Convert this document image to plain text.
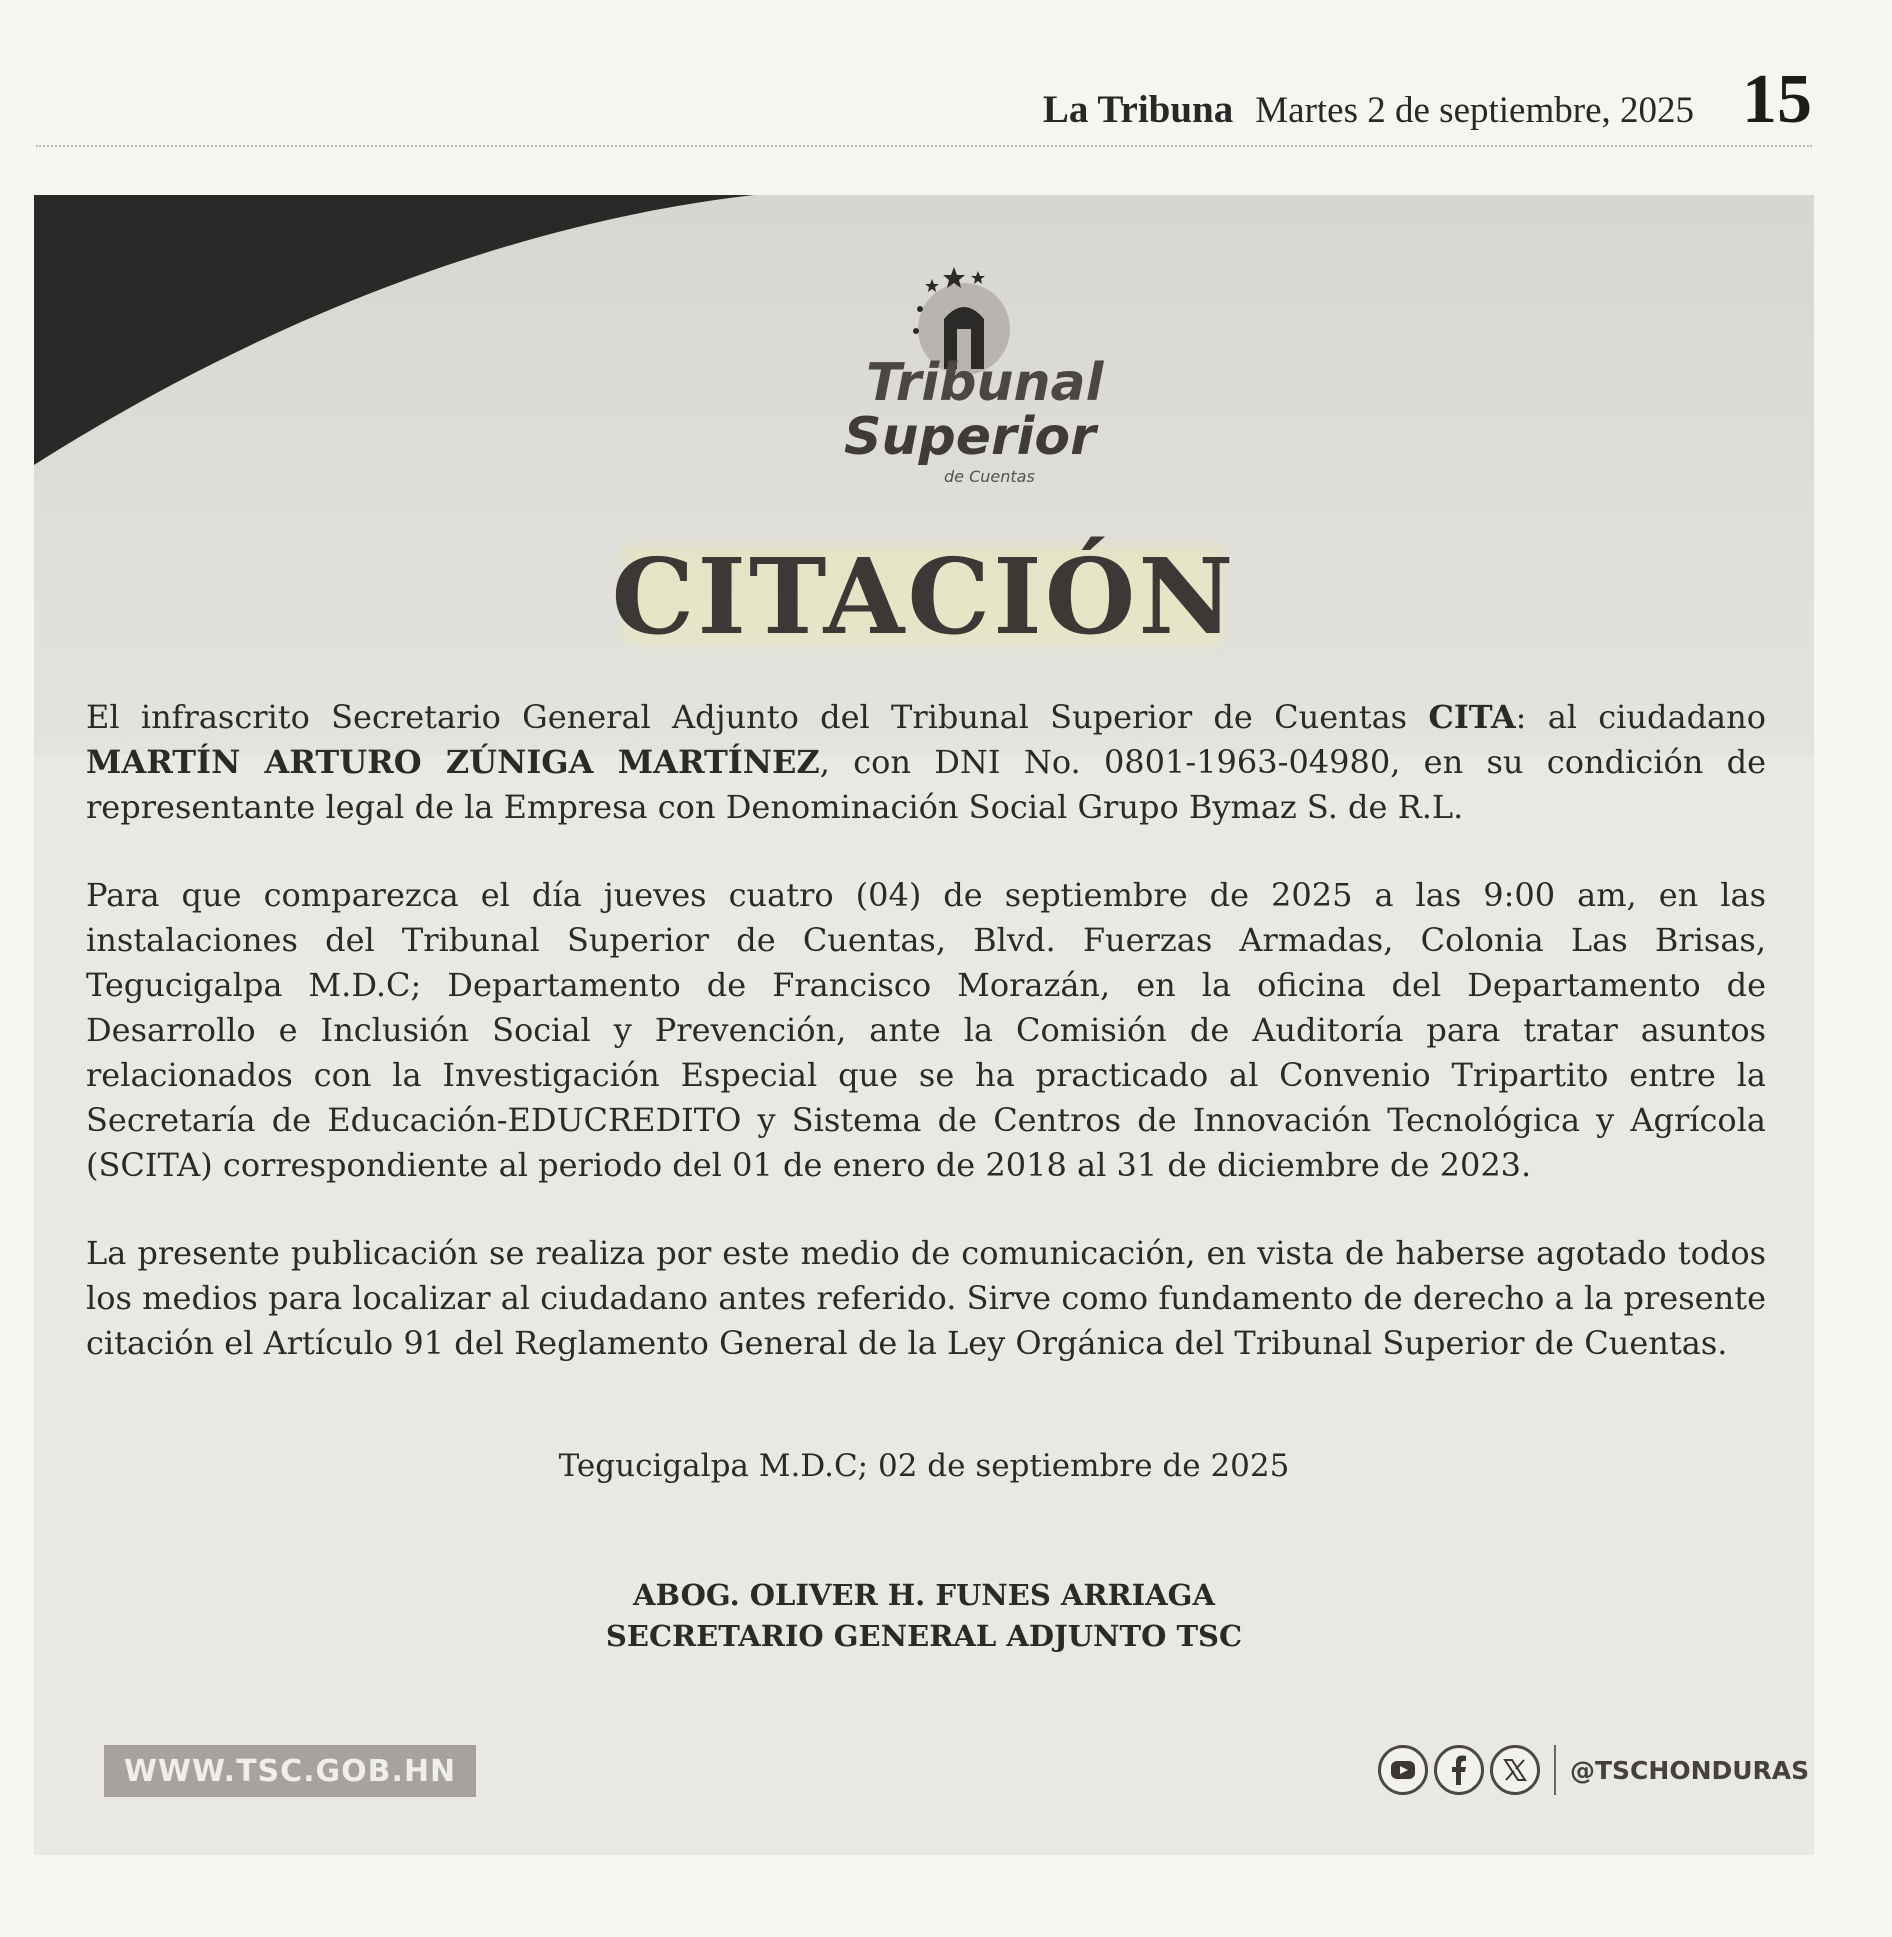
La Tribuna Martes 2 de septiembre, 2025 15
Tribunal
Superior
de Cuentas
CITACIÓN

El infrascrito Secretario General Adjunto del Tribunal Superior de Cuentas CITA: al ciudadano MARTÍN ARTURO ZÚNIGA MARTÍNEZ, con DNI No. 0801-1963-04980, en su condición de representante legal de la Empresa con Denominación Social Grupo Bymaz S. de R.L.

Para que comparezca el día jueves cuatro (04) de septiembre de 2025 a las 9:00 am, en las instalaciones del Tribunal Superior de Cuentas, Blvd. Fuerzas Armadas, Colonia Las Brisas, Tegucigalpa M.D.C; Departamento de Francisco Morazán, en la oficina del Departamento de Desarrollo e Inclusión Social y Prevención, ante la Comisión de Auditoría para tratar asuntos relacionados con la Investigación Especial que se ha practicado al Convenio Tripartito entre la Secretaría de Educación-EDUCREDITO y Sistema de Centros de Innovación Tecnológica y Agrícola (SCITA) correspondiente al periodo del 01 de enero de 2018 al 31 de diciembre de 2023.

La presente publicación se realiza por este medio de comunicación, en vista de haberse agotado todos los medios para localizar al ciudadano antes referido. Sirve como fundamento de derecho a la presente citación el Artículo 91 del Reglamento General de la Ley Orgánica del Tribunal Superior de Cuentas.

Tegucigalpa M.D.C; 02 de septiembre de 2025
ABOG. OLIVER H. FUNES ARRIAGA
SECRETARIO GENERAL ADJUNTO TSC
WWW.TSC.GOB.HN	@TSCHONDURAS
